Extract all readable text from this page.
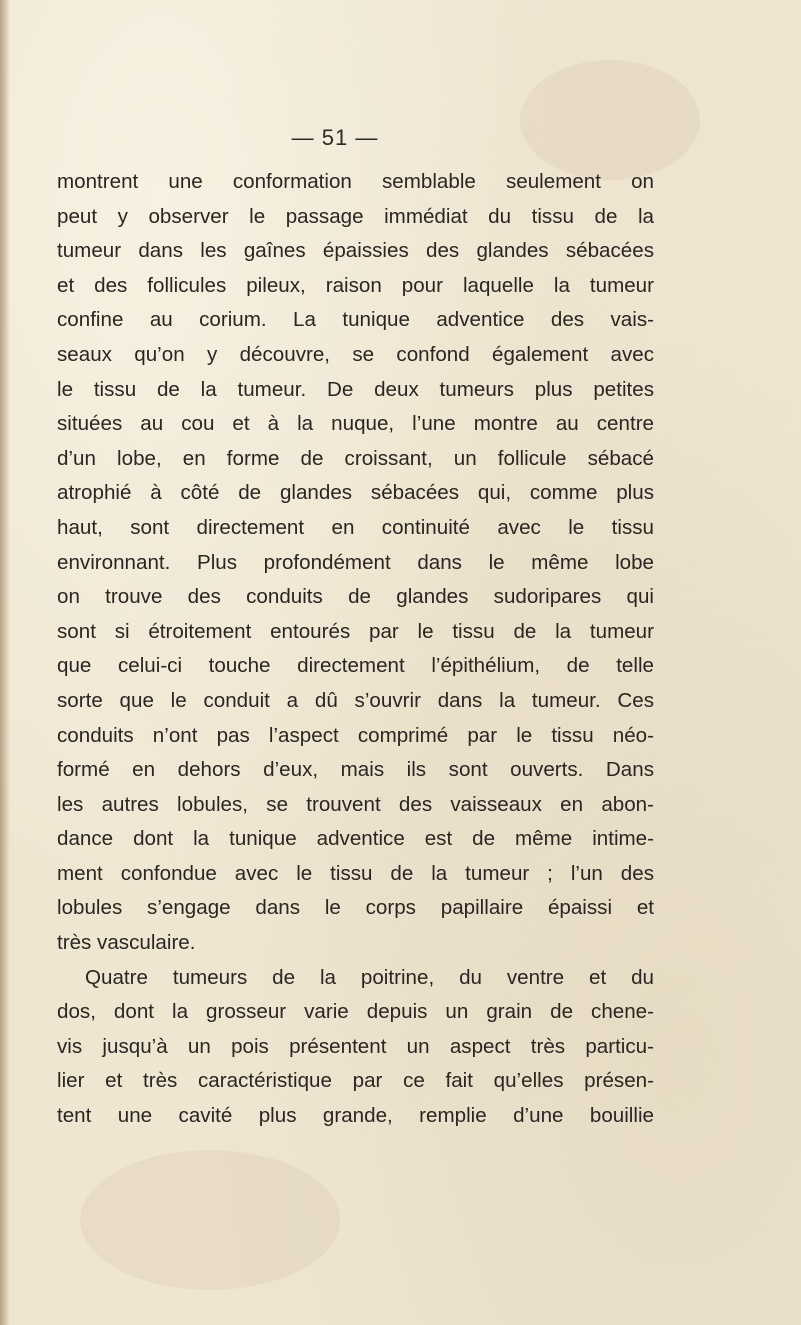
— 51 —
montrent une conformation semblable seulement on
peut y observer le passage immédiat du tissu de la
tumeur dans les gaînes épaissies des glandes sébacées
et des follicules pileux, raison pour laquelle la tumeur
confine au corium. La tunique adventice des vais-
seaux qu’on y découvre, se confond également avec
le tissu de la tumeur. De deux tumeurs plus petites
situées au cou et à la nuque, l’une montre au centre
d’un lobe, en forme de croissant, un follicule sébacé
atrophié à côté de glandes sébacées qui, comme plus
haut, sont directement en continuité avec le tissu
environnant. Plus profondément dans le même lobe
on trouve des conduits de glandes sudoripares qui
sont si étroitement entourés par le tissu de la tumeur
que celui-ci touche directement l’épithélium, de telle
sorte que le conduit a dû s’ouvrir dans la tumeur. Ces
conduits n’ont pas l’aspect comprimé par le tissu néo-
formé en dehors d’eux, mais ils sont ouverts. Dans
les autres lobules, se trouvent des vaisseaux en abon-
dance dont la tunique adventice est de même intime-
ment confondue avec le tissu de la tumeur ; l’un des
lobules s’engage dans le corps papillaire épaissi et
très vasculaire.
Quatre tumeurs de la poitrine, du ventre et du
dos, dont la grosseur varie depuis un grain de chene-
vis jusqu’à un pois présentent un aspect très particu-
lier et très caractéristique par ce fait qu’elles présen-
tent une cavité plus grande, remplie d’une bouillie
